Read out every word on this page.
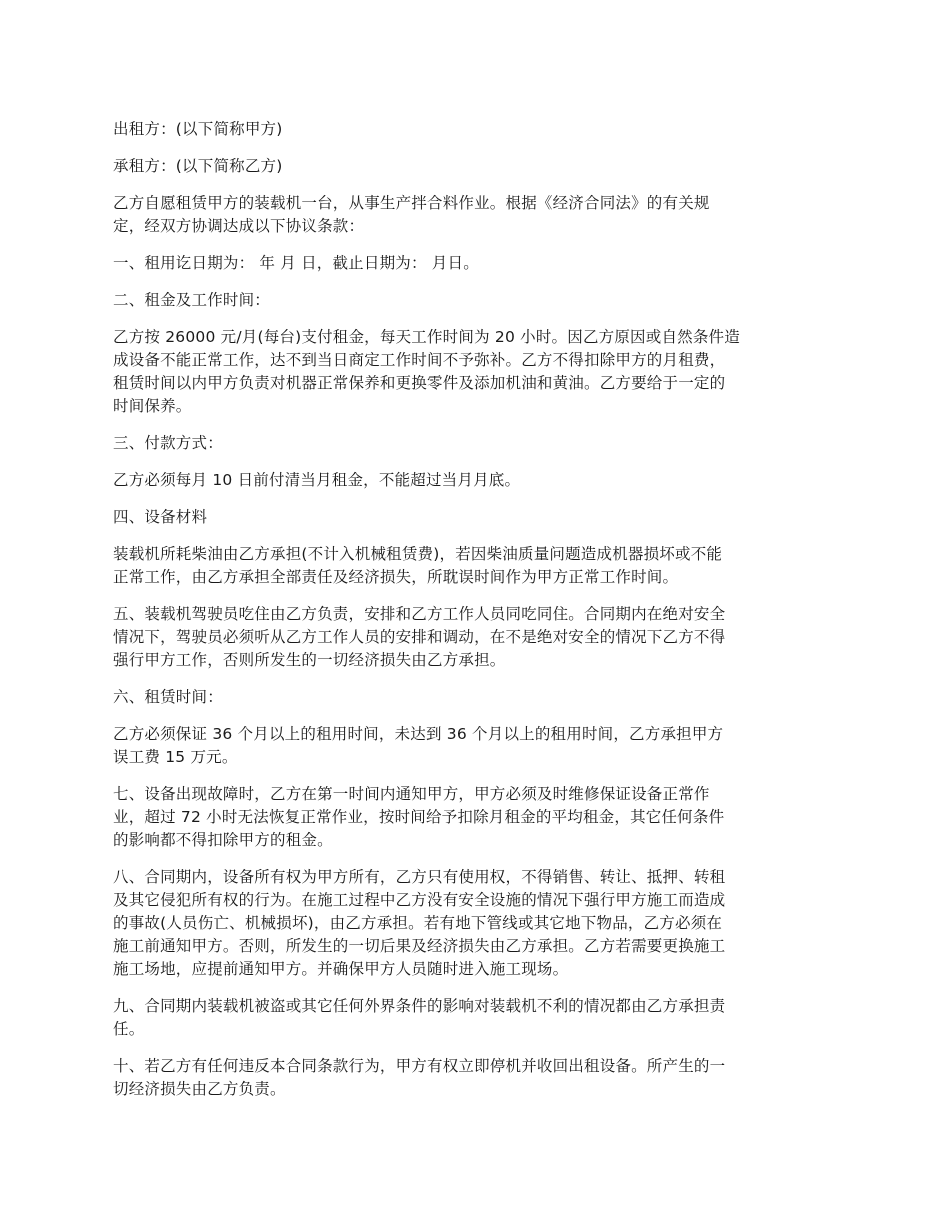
出租方：(以下简称甲方)

承租方：(以下简称乙方)

乙方自愿租赁甲方的装载机一台，从事生产拌合料作业。根据《经济合同法》的有关规
定，经双方协调达成以下协议条款：

一、租用讫日期为： 年 月 日，截止日期为： 月日。

二、租金及工作时间：

乙方按 26000 元/月(每台)支付租金，每天工作时间为 20 小时。因乙方原因或自然条件造
成设备不能正常工作，达不到当日商定工作时间不予弥补。乙方不得扣除甲方的月租费，
租赁时间以内甲方负责对机器正常保养和更换零件及添加机油和黄油。乙方要给于一定的
时间保养。

三、付款方式：

乙方必须每月 10 日前付清当月租金，不能超过当月月底。

四、设备材料

装载机所耗柴油由乙方承担(不计入机械租赁费)，若因柴油质量问题造成机器损坏或不能
正常工作，由乙方承担全部责任及经济损失，所耽误时间作为甲方正常工作时间。

五、装载机驾驶员吃住由乙方负责，安排和乙方工作人员同吃同住。合同期内在绝对安全
情况下，驾驶员必须听从乙方工作人员的安排和调动，在不是绝对安全的情况下乙方不得
强行甲方工作，否则所发生的一切经济损失由乙方承担。

六、租赁时间：

乙方必须保证 36 个月以上的租用时间，未达到 36 个月以上的租用时间，乙方承担甲方
误工费 15 万元。

七、设备出现故障时，乙方在第一时间内通知甲方，甲方必须及时维修保证设备正常作
业，超过 72 小时无法恢复正常作业，按时间给予扣除月租金的平均租金，其它任何条件
的影响都不得扣除甲方的租金。

八、合同期内，设备所有权为甲方所有，乙方只有使用权，不得销售、转让、抵押、转租
及其它侵犯所有权的行为。在施工过程中乙方没有安全设施的情况下强行甲方施工而造成
的事故(人员伤亡、机械损坏)，由乙方承担。若有地下管线或其它地下物品，乙方必须在
施工前通知甲方。否则，所发生的一切后果及经济损失由乙方承担。乙方若需要更换施工
施工场地，应提前通知甲方。并确保甲方人员随时进入施工现场。

九、合同期内装载机被盗或其它任何外界条件的影响对装载机不利的情况都由乙方承担责
任。

十、若乙方有任何违反本合同条款行为，甲方有权立即停机并收回出租设备。所产生的一
切经济损失由乙方负责。
